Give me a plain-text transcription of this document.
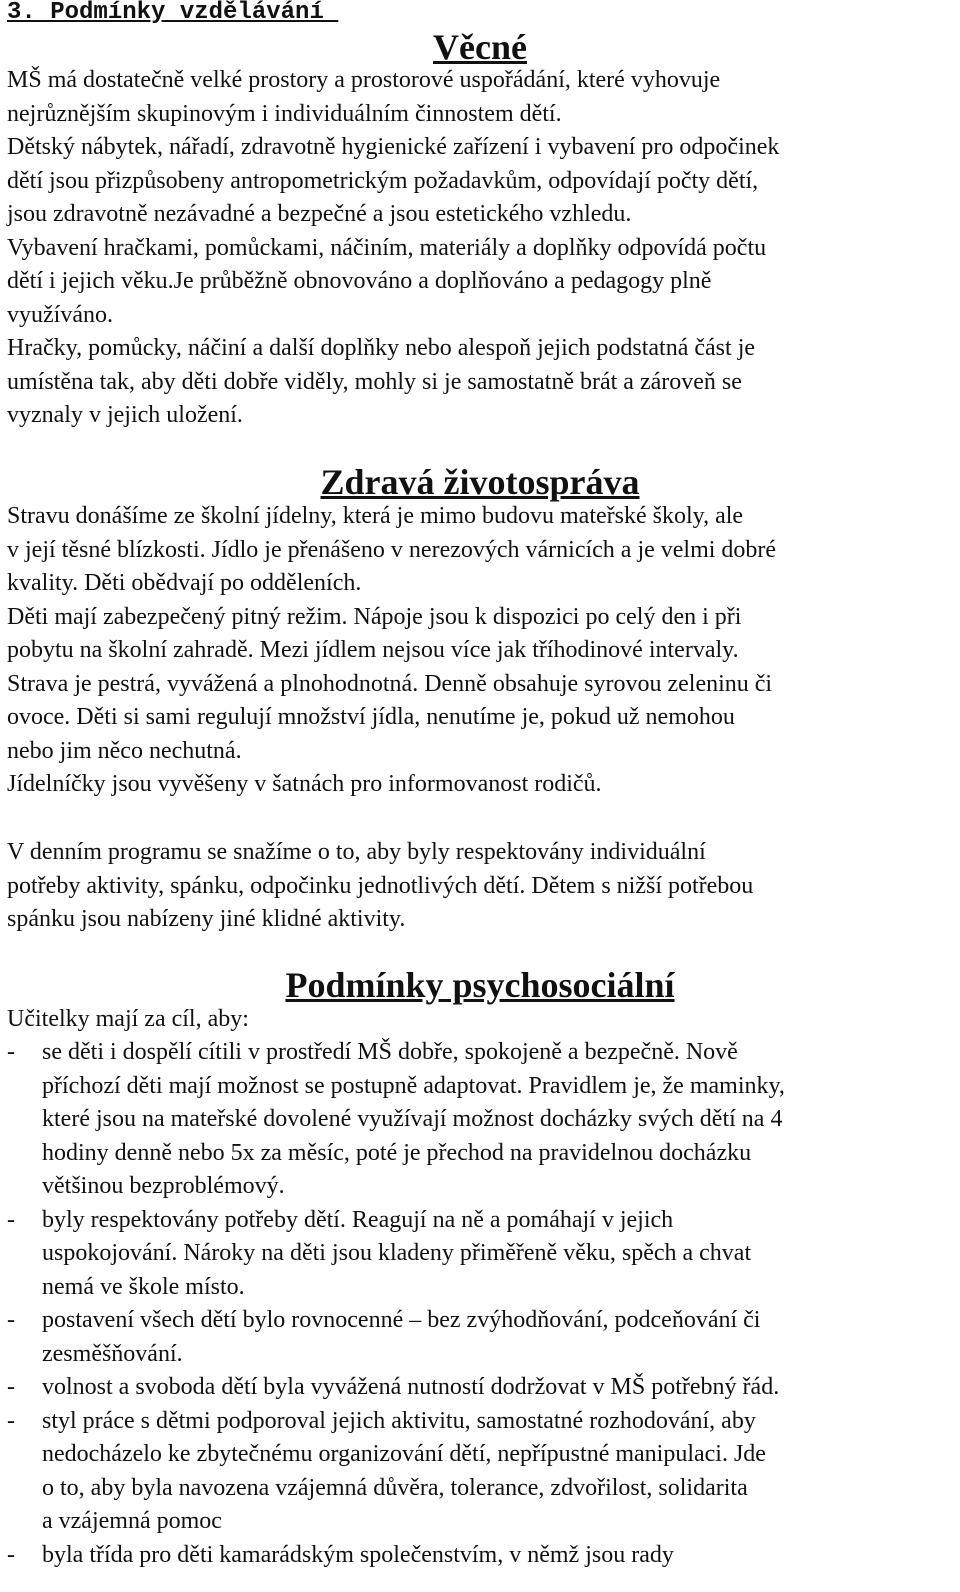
3. Podmínky vzdělávání
Věcné

MŠ má dostatečně velké prostory a prostorové uspořádání, které vyhovuje
nejrůznějším skupinovým i individuálním činnostem dětí.
Dětský nábytek, nářadí, zdravotně hygienické zařízení i vybavení pro odpočinek
dětí jsou přizpůsobeny antropometrickým požadavkům, odpovídají počty dětí,
jsou zdravotně nezávadné a bezpečné a jsou estetického vzhledu.
Vybavení hračkami, pomůckami, náčiním, materiály a doplňky odpovídá počtu
dětí i jejich věku.Je průběžně obnovováno a doplňováno a pedagogy plně
využíváno.
Hračky, pomůcky, náčiní a další doplňky nebo alespoň jejich podstatná část je
umístěna tak, aby děti dobře viděly, mohly si je samostatně brát a zároveň se
vyznaly v jejich uložení.

Zdravá životospráva

Stravu donášíme ze školní jídelny, která je mimo budovu mateřské školy, ale
v její těsné blízkosti. Jídlo je přenášeno v nerezových várnicích a je velmi dobré
kvality. Děti obědvají po odděleních.
Děti mají zabezpečený pitný režim. Nápoje jsou k dispozici po celý den i při
pobytu na školní zahradě. Mezi jídlem nejsou více jak tříhodinové intervaly.
Strava je pestrá, vyvážená a plnohodnotná. Denně obsahuje syrovou zeleninu či
ovoce. Děti si sami regulují množství jídla, nenutíme je, pokud už nemohou
nebo jim něco nechutná.
Jídelníčky jsou vyvěšeny v šatnách pro informovanost rodičů.

V denním programu se snažíme o to, aby byly respektovány individuální
potřeby aktivity, spánku, odpočinku jednotlivých dětí. Dětem s nižší potřebou
spánku jsou nabízeny jiné klidné aktivity.

Podmínky psychosociální

Učitelky mají za cíl, aby:

- se děti i dospělí cítili v prostředí MŠ dobře, spokojeně a bezpečně. Nově
příchozí děti mají možnost se postupně adaptovat. Pravidlem je, že maminky,
které jsou na mateřské dovolené využívají možnost docházky svých dětí na 4
hodiny denně nebo 5x za měsíc, poté je přechod na pravidelnou docházku
většinou bezproblémový.
- byly respektovány potřeby dětí. Reagují na ně a pomáhají v jejich
uspokojování. Nároky na děti jsou kladeny přiměřeně věku, spěch a chvat
nemá ve škole místo.
- postavení všech dětí bylo rovnocenné – bez zvýhodňování, podceňování či
zesměšňování.
- volnost a svoboda dětí byla vyvážená nutností dodržovat v MŠ potřebný řád.
- styl práce s dětmi podporoval jejich aktivitu, samostatné rozhodování, aby
nedocházelo ke zbytečnému organizování dětí, nepřípustné manipulaci. Jde
o to, aby byla navozena vzájemná důvěra, tolerance, zdvořilost, solidarita
a vzájemná pomoc
- byla třída pro děti kamarádským společenstvím, v němž jsou rady
